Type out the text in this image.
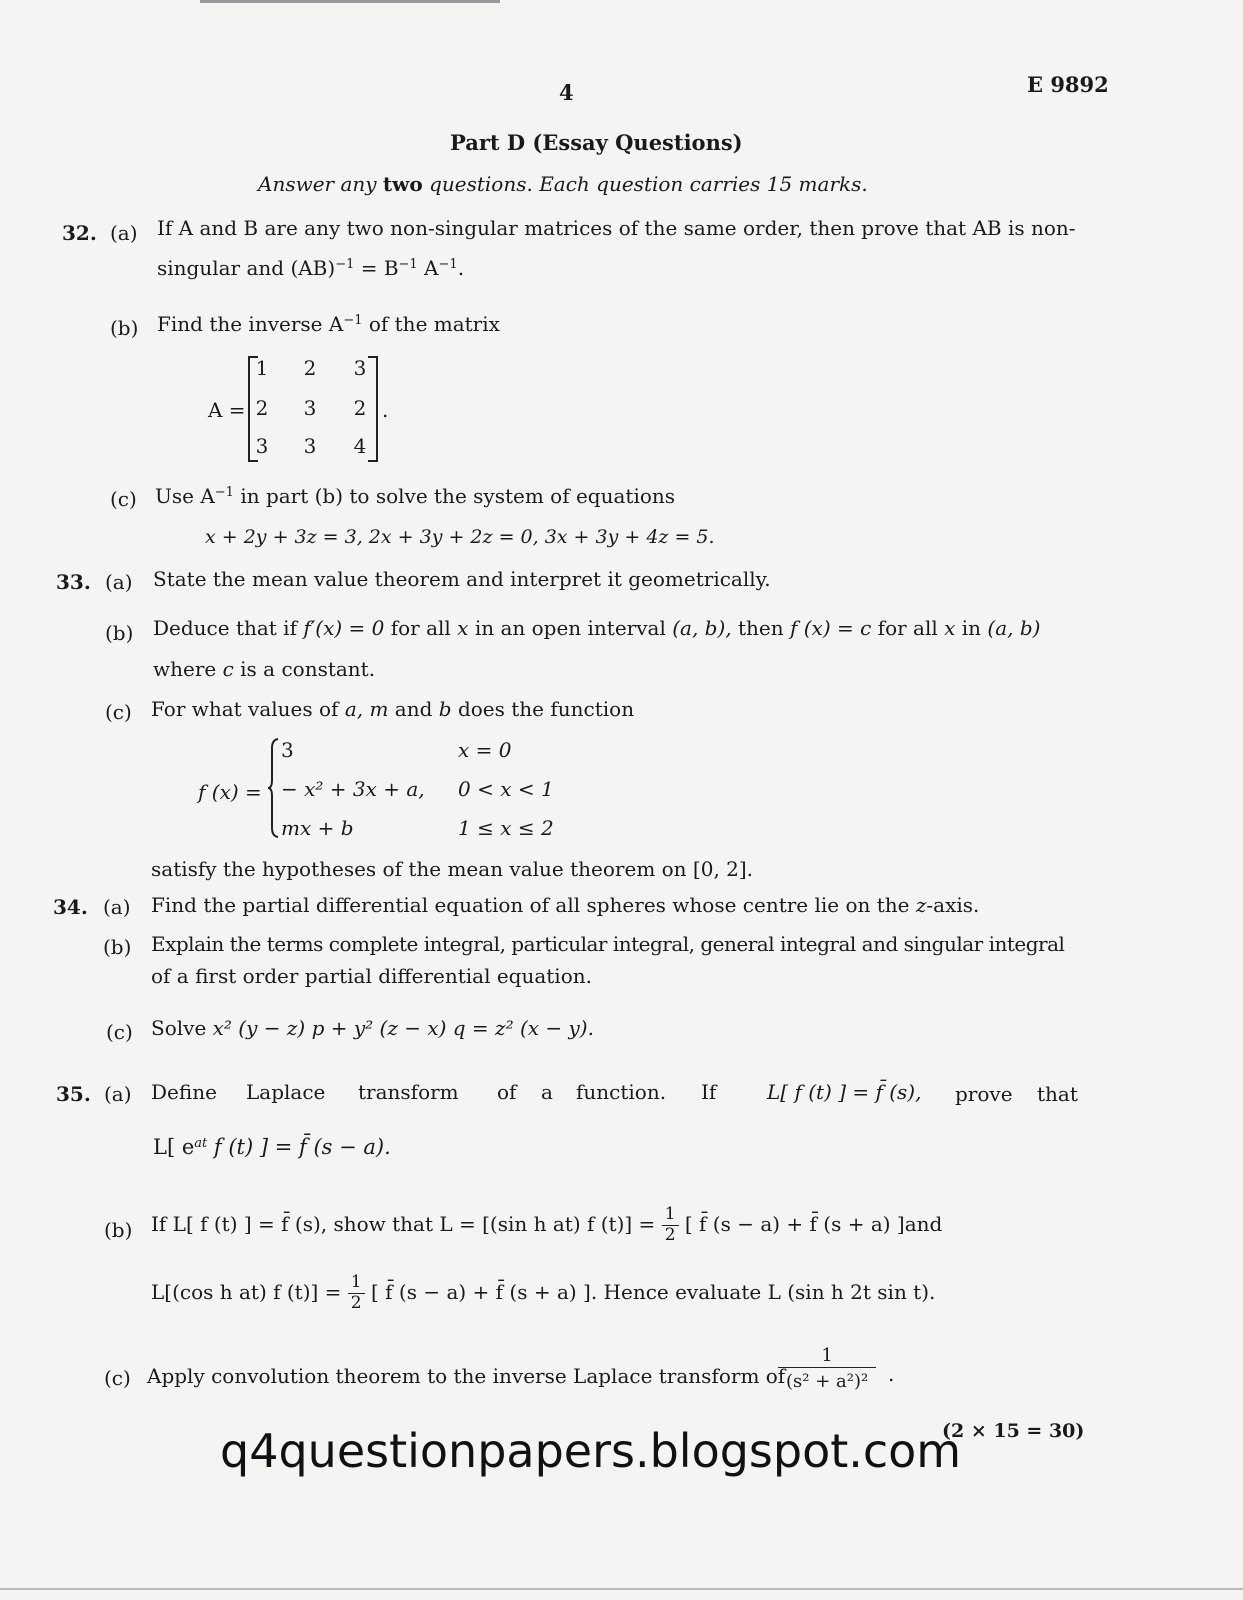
4	E 9892
Part D (Essay Questions)
Answer any two questions. Each question carries 15 marks.
32. (a) If A and B are any two non-singular matrices of the same order, then prove that AB is non-
singular and $(AB)^{-1} = B^{-1}$ $A^{-1}$.
(b) Find the inverse $A^{-1}$ of the matrix
A =
1 2 3
2 3 2
3 3 4
.
(c) Use $A^{-1}$ in part (b) to solve the system of equations
x + 2y + 3z = 3, 2x + 3y + 2z = 0, 3x + 3y + 4z = 5.
33. (a) State the mean value theorem and interpret it geometrically.
(b) Deduce that if f′(x) = 0 for all x in an open interval (a, b), then f (x) = c for all x in (a, b)
where c is a constant.
(c) For what values of a, m and b does the function
f (x) =
3	x = 0
− x² + 3x + a, 0 < x < 1
mx + b	1 ≤ x ≤ 2
satisfy the hypotheses of the mean value theorem on [0, 2].
34. (a) Find the partial differential equation of all spheres whose centre lie on the z-axis.
(b) Explain the terms complete integral, particular integral, general integral and singular integral
of a first order partial differential equation.
(c) Solve x² (y − z) p + y² (z − x) q = z² (x − y).
35. (a) Define Laplace transform of a function. If	L[ f (t) ] = f̄ (s), prove that
L[ $e^{at}$ f (t) ] = f̄ (s − a).
(b) If L[ f (t) ] = f̄ (s), show that L = [(sin h at) f $(t)] = \frac{1}{2}$ [ f̄ (s − a) + f̄ (s + a) ]and
L[(cos h at) f $(t)] = \frac{1}{2}$ [ f̄ (s − a) + f̄ (s + a) ]. Hence evaluate L (sin h 2t sin t).
(c) Apply convolution theorem to the inverse Laplace transform of
$\frac{1}{\text{(s² + a²)²}}$ .
(2 × 15 = 30)
q4questionpapers.blogspot.com
